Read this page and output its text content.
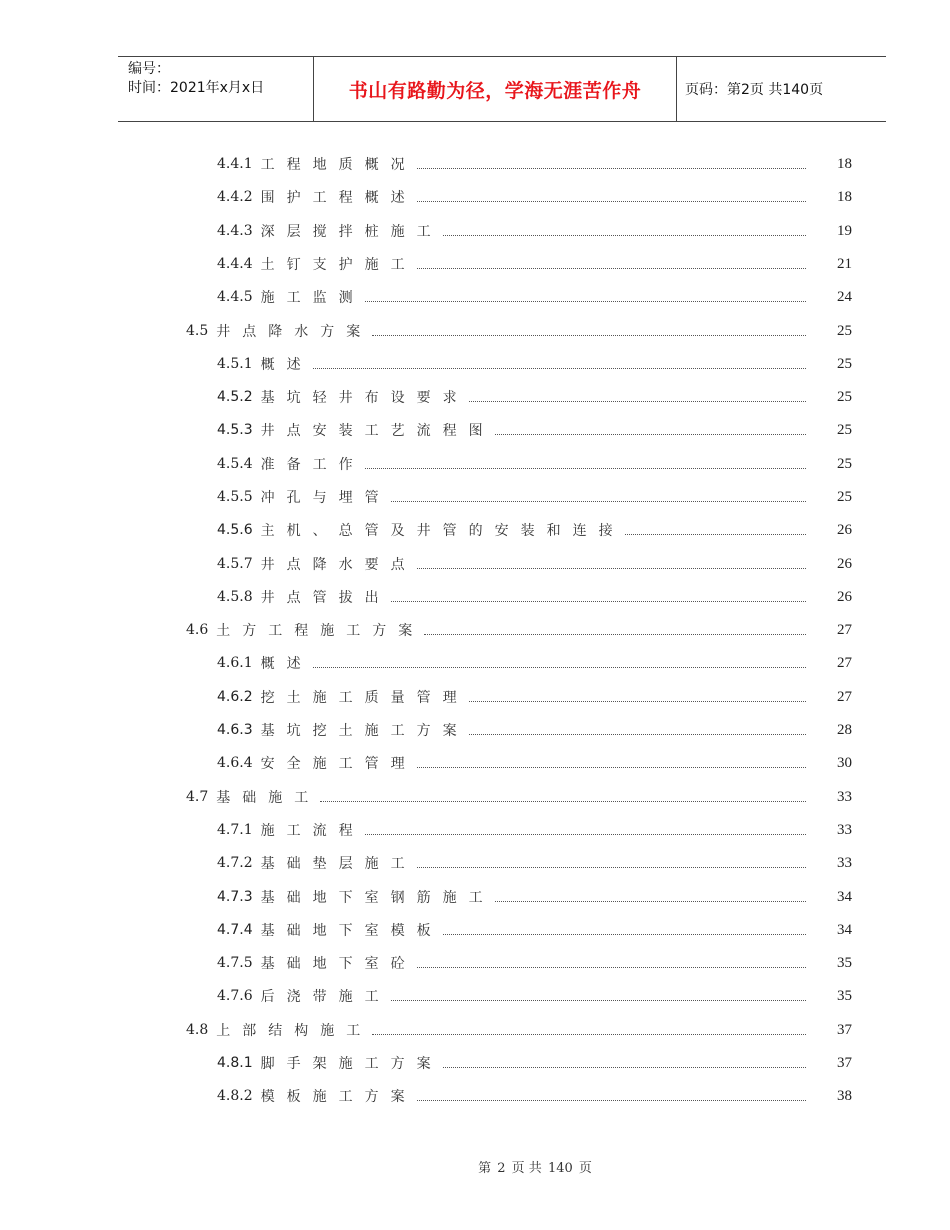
编号：
时间：2021年x月x日	书山有路勤为径，学海无涯苦作舟	页码：第2页 共140页
4.4.1 工程地质概况	18
4.4.2 围护工程概述	18
4.4.3 深层搅拌桩施工	19
4.4.4 土钉支护施工	21
4.4.5 施工监测	24
4.5 井点降水方案	25
4.5.1 概述	25
4.5.2 基坑轻井布设要求	25
4.5.3 井点安装工艺流程图	25
4.5.4 准备工作	25
4.5.5 冲孔与埋管	25
4.5.6 主机、总管及井管的安装和连接	26
4.5.7 井点降水要点	26
4.5.8 井点管拔出	26
4.6 土方工程施工方案	27
4.6.1 概述	27
4.6.2 挖土施工质量管理	27
4.6.3 基坑挖土施工方案	28
4.6.4 安全施工管理	30
4.7 基础施工	33
4.7.1 施工流程	33
4.7.2 基础垫层施工	33
4.7.3 基础地下室钢筋施工	34
4.7.4 基础地下室模板	34
4.7.5 基础地下室砼	35
4.7.6 后浇带施工	35
4.8 上部结构施工	37
4.8.1 脚手架施工方案	37
4.8.2 模板施工方案	38
第 2 页 共 140 页
